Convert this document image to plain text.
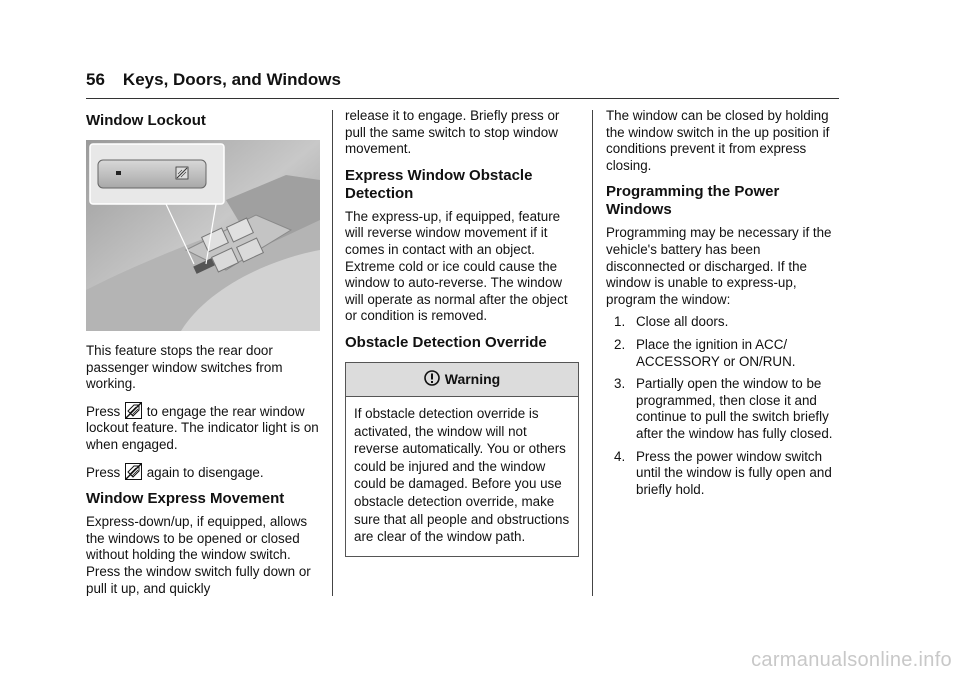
56 Keys, Doors, and Windows
Window Lockout

This feature stops the rear door passenger window switches from working.

Press to engage the rear window lockout feature. The indicator light is on when engaged.

Press again to disengage.

Window Express Movement

Express-down/up, if equipped, allows the windows to be opened or closed without holding the window switch. Press the window switch fully down or pull it up, and quickly

release it to engage. Briefly press or pull the same switch to stop window movement.

Express Window Obstacle Detection

The express-up, if equipped, feature will reverse window movement if it comes in contact with an object. Extreme cold or ice could cause the window to auto-reverse. The window will operate as normal after the object or condition is removed.

Obstacle Detection Override
Warning
If obstacle detection override is activated, the window will not reverse automatically. You or others could be injured and the window could be damaged. Before you use obstacle detection override, make sure that all people and obstructions are clear of the window path.

The window can be closed by holding the window switch in the up position if conditions prevent it from express closing.

Programming the Power Windows

Programming may be necessary if the vehicle's battery has been disconnected or discharged. If the window is unable to express-up, program the window:

1. Close all doors.
2. Place the ignition in ACC/ ACCESSORY or ON/RUN.
3. Partially open the window to be programmed, then close it and continue to pull the switch briefly after the window has fully closed.
4. Press the power window switch until the window is fully open and briefly hold.
carmanualsonline.info
